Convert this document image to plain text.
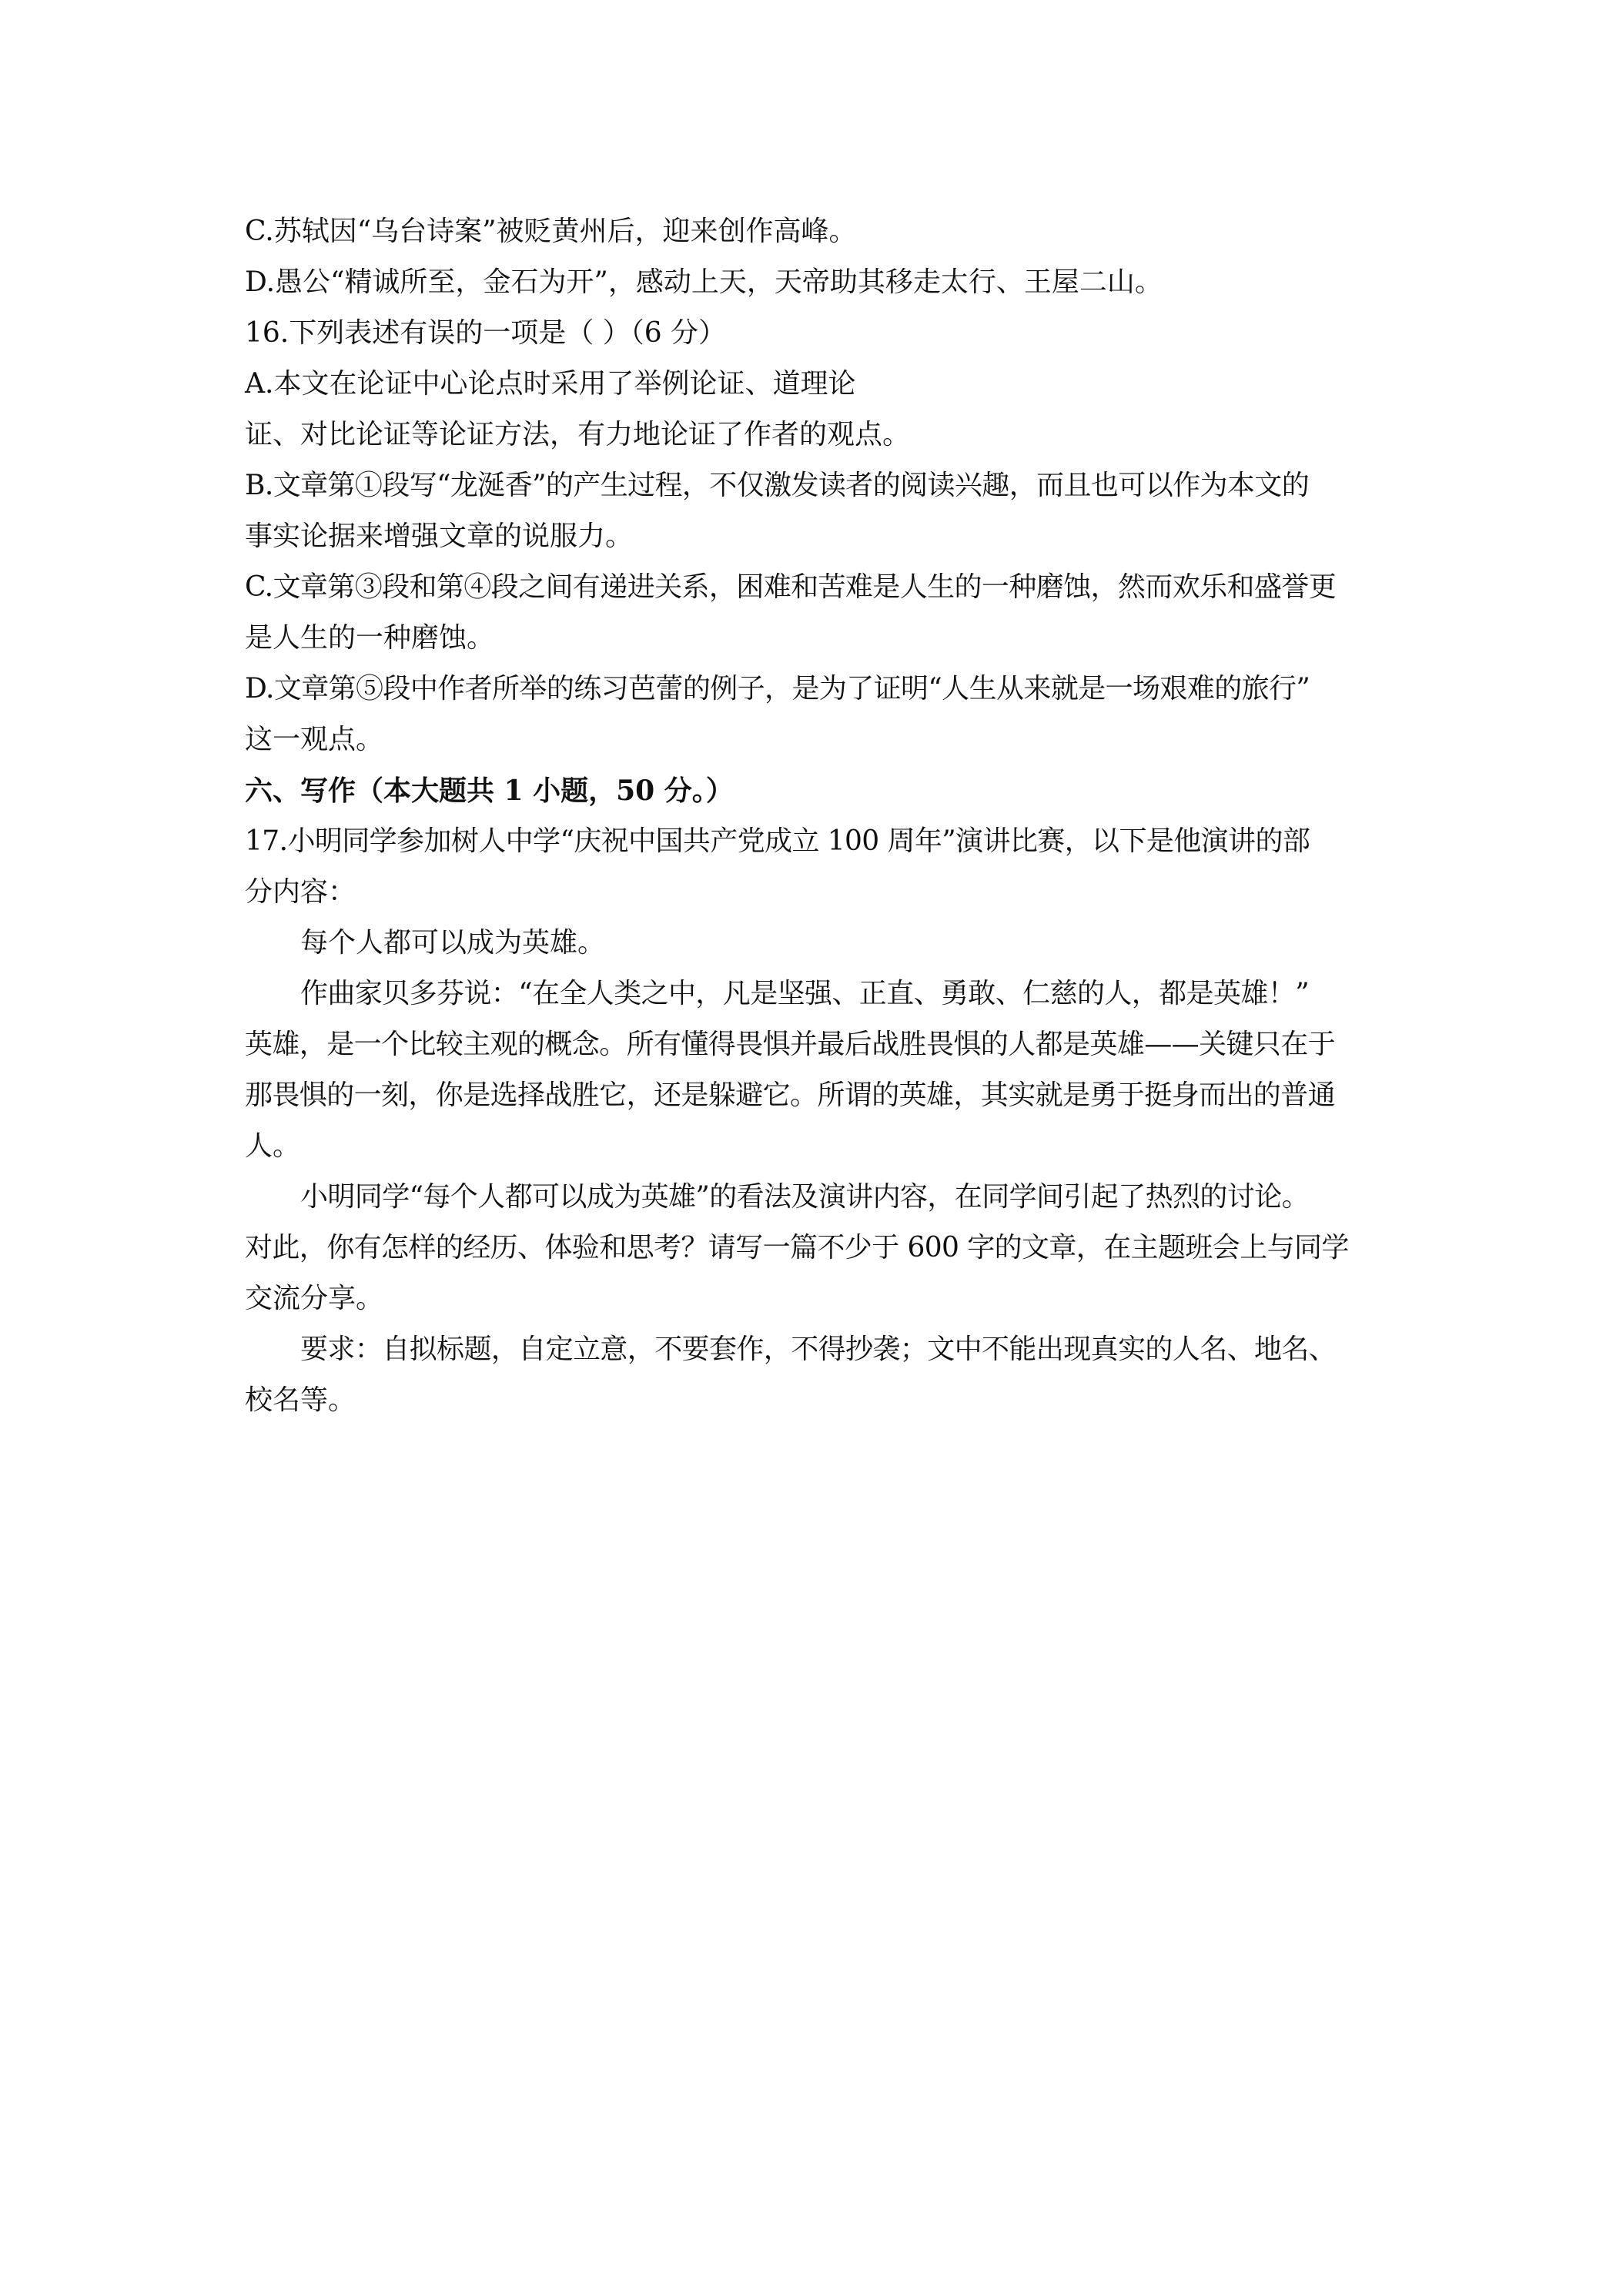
C.苏轼因“乌台诗案”被贬黄州后，迎来创作高峰。

D.愚公“精诚所至，金石为开”，感动上天，天帝助其移走太行、王屋二山。

16.下列表述有误的一项是（ ）（6 分）

A.本文在论证中心论点时采用了举例论证、道理论

证、对比论证等论证方法，有力地论证了作者的观点。

B.文章第①段写“龙涎香”的产生过程，不仅激发读者的阅读兴趣，而且也可以作为本文的

事实论据来增强文章的说服力。

C.文章第③段和第④段之间有递进关系，困难和苦难是人生的一种磨蚀，然而欢乐和盛誉更

是人生的一种磨蚀。

D.文章第⑤段中作者所举的练习芭蕾的例子，是为了证明“人生从来就是一场艰难的旅行”

这一观点。

六、写作（本大题共 1 小题，50 分。）

17.小明同学参加树人中学“庆祝中国共产党成立 100 周年”演讲比赛，以下是他演讲的部

分内容：

每个人都可以成为英雄。

作曲家贝多芬说：“在全人类之中，凡是坚强、正直、勇敢、仁慈的人，都是英雄！”

英雄，是一个比较主观的概念。所有懂得畏惧并最后战胜畏惧的人都是英雄——关键只在于

那畏惧的一刻，你是选择战胜它，还是躲避它。所谓的英雄，其实就是勇于挺身而出的普通

人。

小明同学“每个人都可以成为英雄”的看法及演讲内容，在同学间引起了热烈的讨论。

对此，你有怎样的经历、体验和思考？请写一篇不少于 600 字的文章，在主题班会上与同学

交流分享。

要求：自拟标题，自定立意，不要套作，不得抄袭；文中不能出现真实的人名、地名、

校名等。
